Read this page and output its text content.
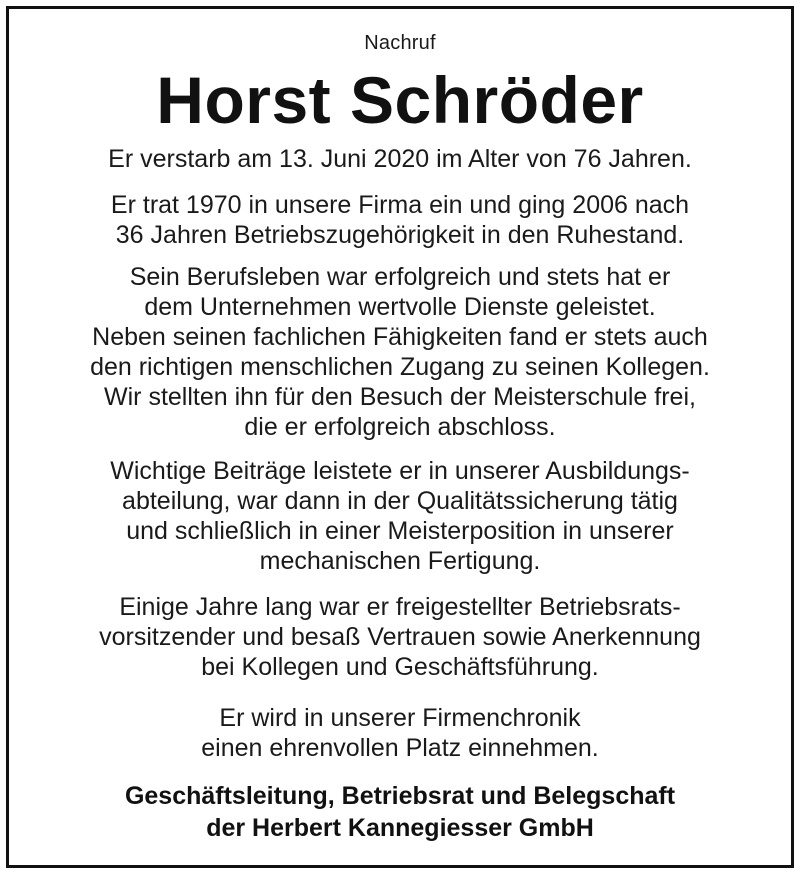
Nachruf
Horst Schröder
Er verstarb am 13. Juni 2020 im Alter von 76 Jahren.
Er trat 1970 in unsere Firma ein und ging 2006 nach
36 Jahren Betriebszugehörigkeit in den Ruhestand.
Sein Berufsleben war erfolgreich und stets hat er
dem Unternehmen wertvolle Dienste geleistet.
Neben seinen fachlichen Fähigkeiten fand er stets auch
den richtigen menschlichen Zugang zu seinen Kollegen.
Wir stellten ihn für den Besuch der Meisterschule frei,
die er erfolgreich abschloss.
Wichtige Beiträge leistete er in unserer Ausbildungs-
abteilung, war dann in der Qualitätssicherung tätig
und schließlich in einer Meisterposition in unserer
mechanischen Fertigung.
Einige Jahre lang war er freigestellter Betriebsrats-
vorsitzender und besaß Vertrauen sowie Anerkennung
bei Kollegen und Geschäftsführung.
Er wird in unserer Firmenchronik
einen ehrenvollen Platz einnehmen.
Geschäftsleitung, Betriebsrat und Belegschaft
der Herbert Kannegiesser GmbH
